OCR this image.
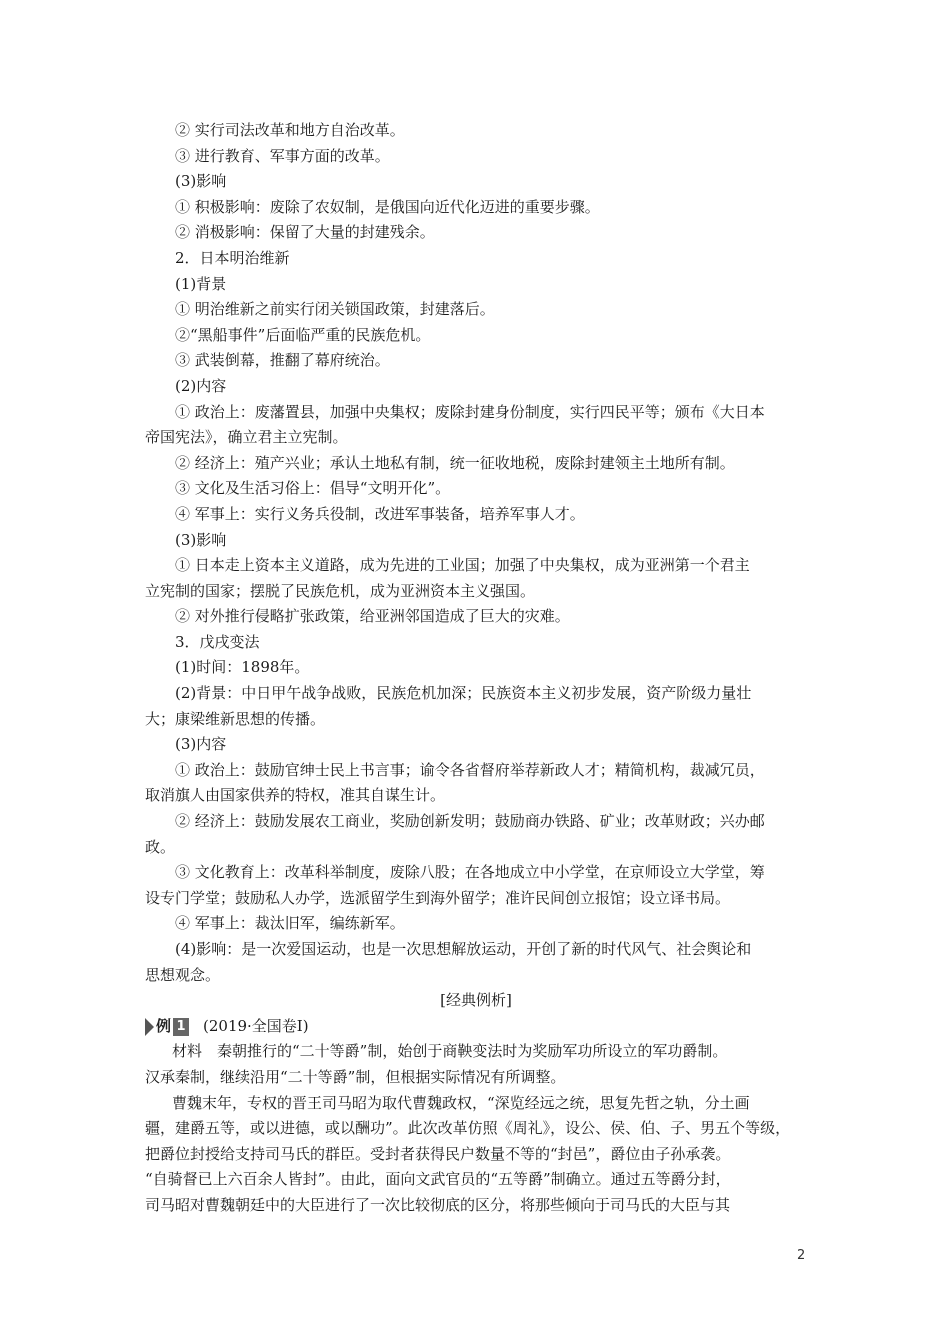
② 实行司法改革和地方自治改革。
③ 进行教育、军事方面的改革。
(3)影响
① 积极影响：废除了农奴制，是俄国向近代化迈进的重要步骤。
② 消极影响：保留了大量的封建残余。
2．日本明治维新
(1)背景
① 明治维新之前实行闭关锁国政策，封建落后。
②“黑船事件”后面临严重的民族危机。
③ 武装倒幕，推翻了幕府统治。
(2)内容
① 政治上：废藩置县，加强中央集权；废除封建身份制度，实行四民平等；颁布《大日本
帝国宪法》，确立君主立宪制。
② 经济上：殖产兴业；承认土地私有制，统一征收地税，废除封建领主土地所有制。
③ 文化及生活习俗上：倡导“文明开化”。
④ 军事上：实行义务兵役制，改进军事装备，培养军事人才。
(3)影响
① 日本走上资本主义道路，成为先进的工业国；加强了中央集权，成为亚洲第一个君主
立宪制的国家；摆脱了民族危机，成为亚洲资本主义强国。
② 对外推行侵略扩张政策，给亚洲邻国造成了巨大的灾难。
3．戊戌变法
(1)时间：1898年。
(2)背景：中日甲午战争战败，民族危机加深；民族资本主义初步发展，资产阶级力量壮
大；康梁维新思想的传播。
(3)内容
① 政治上：鼓励官绅士民上书言事；谕令各省督府举荐新政人才；精简机构，裁减冗员，
取消旗人由国家供养的特权，准其自谋生计。
② 经济上：鼓励发展农工商业，奖励创新发明；鼓励商办铁路、矿业；改革财政；兴办邮
政。
③ 文化教育上：改革科举制度，废除八股；在各地成立中小学堂，在京师设立大学堂，筹
设专门学堂；鼓励私人办学，选派留学生到海外留学；准许民间创立报馆；设立译书局。
④ 军事上：裁汰旧军，编练新军。
(4)影响：是一次爱国运动，也是一次思想解放运动，开创了新的时代风气、社会舆论和
思想观念。
[经典例析]
例 1 (2019·全国卷Ⅰ)
材料　秦朝推行的“二十等爵”制，始创于商鞅变法时为奖励军功所设立的军功爵制。
汉承秦制，继续沿用“二十等爵”制，但根据实际情况有所调整。
曹魏末年，专权的晋王司马昭为取代曹魏政权，“深览经远之统，思复先哲之轨，分土画
疆，建爵五等，或以进德，或以酬功”。此次改革仿照《周礼》，设公、侯、伯、子、男五个等级，
把爵位封授给支持司马氏的群臣。受封者获得民户数量不等的“封邑”，爵位由子孙承袭。
“自骑督已上六百余人皆封”。由此，面向文武官员的“五等爵”制确立。通过五等爵分封，
司马昭对曹魏朝廷中的大臣进行了一次比较彻底的区分，将那些倾向于司马氏的大臣与其
2
